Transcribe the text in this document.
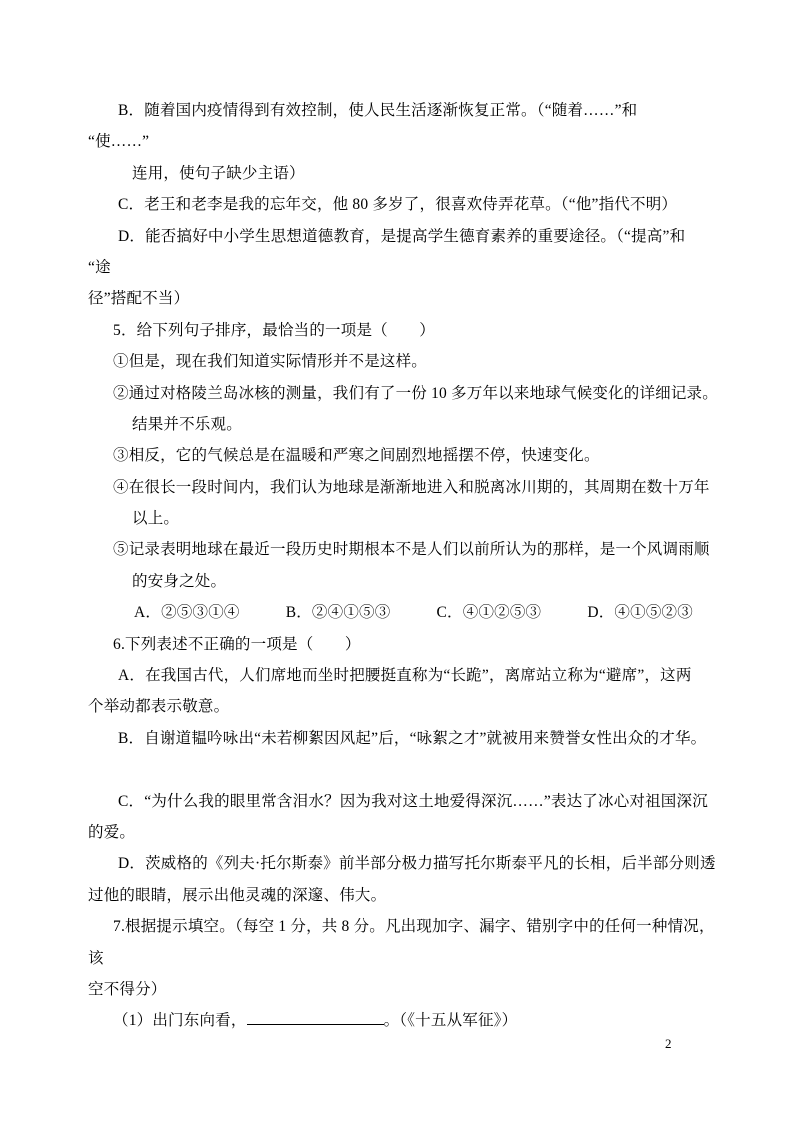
B．随着国内疫情得到有效控制，使人民生活逐渐恢复正常。（“随着……”和
“使……”
连用，使句子缺少主语）
C．老王和老李是我的忘年交，他 80 多岁了，很喜欢侍弄花草。（“他”指代不明）
D．能否搞好中小学生思想道德教育，是提高学生德育素养的重要途径。（“提高”和
“途
径”搭配不当）
5．给下列句子排序，最恰当的一项是（　　）
①但是，现在我们知道实际情形并不是这样。
②通过对格陵兰岛冰核的测量，我们有了一份 10 多万年以来地球气候变化的详细记录。
结果并不乐观。
③相反，它的气候总是在温暖和严寒之间剧烈地摇摆不停，快速变化。
④在很长一段时间内，我们认为地球是渐渐地进入和脱离冰川期的，其周期在数十万年
以上。
⑤记录表明地球在最近一段历史时期根本不是人们以前所认为的那样，是一个风调雨顺
的安身之处。
A．②⑤③①④	B．②④①⑤③	C．④①②⑤③	D．④①⑤②③
6.下列表述不正确的一项是（　　）
A．在我国古代，人们席地而坐时把腰挺直称为“长跪”，离席站立称为“避席”，这两
个举动都表示敬意。
B．自谢道韫吟咏出“未若柳絮因风起”后，“咏絮之才”就被用来赞誉女性出众的才华。
C．“为什么我的眼里常含泪水？因为我对这土地爱得深沉……”表达了冰心对祖国深沉
的爱。
D．茨威格的《列夫·托尔斯泰》前半部分极力描写托尔斯泰平凡的长相，后半部分则透
过他的眼睛，展示出他灵魂的深邃、伟大。
7.根据提示填空。（每空 1 分，共 8 分。凡出现加字、漏字、错别字中的任何一种情况，
该
空不得分）
（1）出门东向看，	。（《十五从军征》）
2
